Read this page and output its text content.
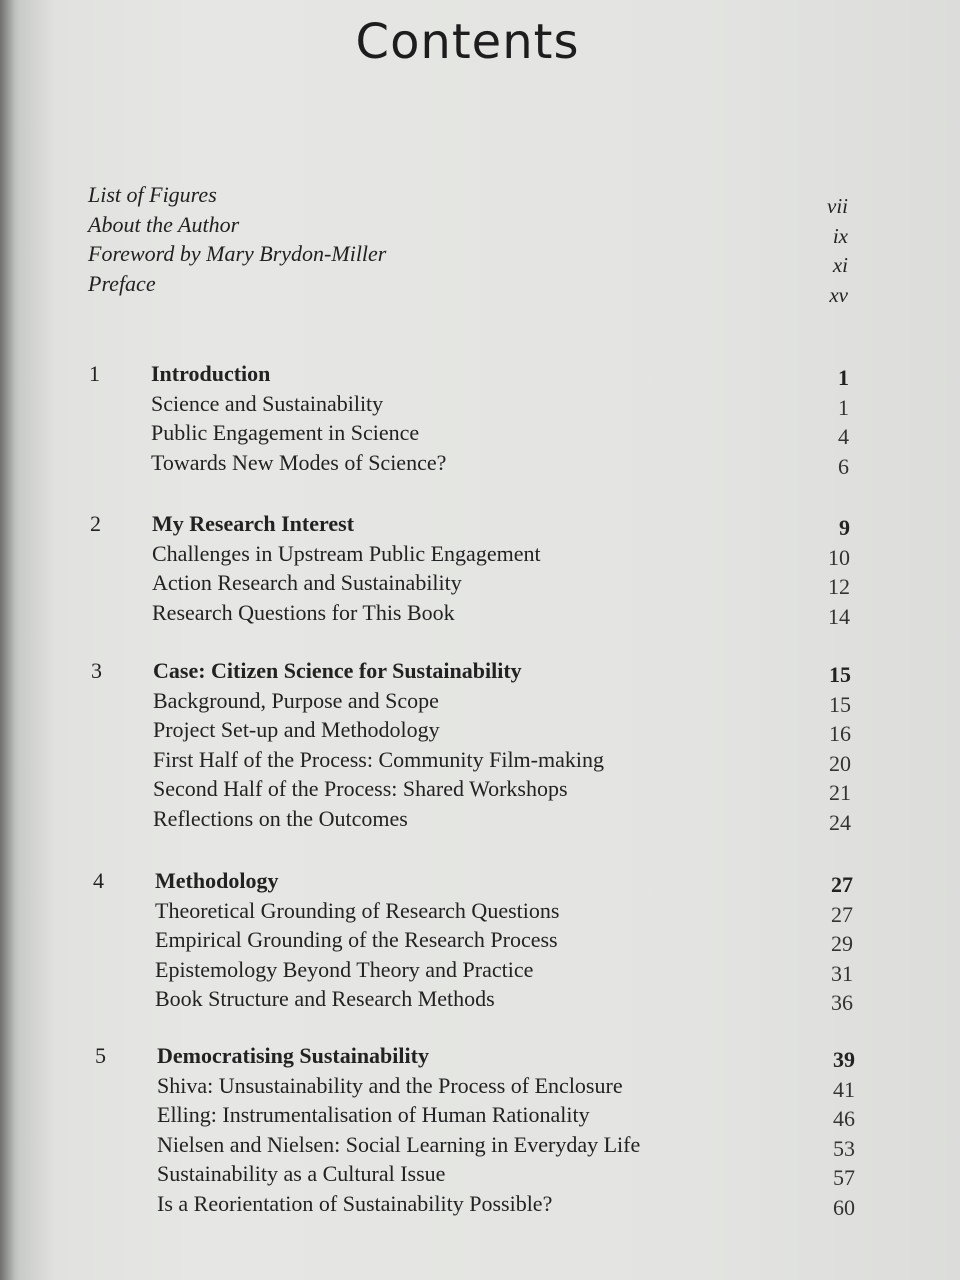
Contents
List of Figures	vii
About the Author	ix
Foreword by Mary Brydon-Miller	xi
Preface	xv
1 Introduction	1
Science and Sustainability	1
Public Engagement in Science	4
Towards New Modes of Science?	6
2 My Research Interest	9
Challenges in Upstream Public Engagement	10
Action Research and Sustainability	12
Research Questions for This Book	14
3 Case: Citizen Science for Sustainability	15
Background, Purpose and Scope	15
Project Set-up and Methodology	16
First Half of the Process: Community Film-making	20
Second Half of the Process: Shared Workshops	21
Reflections on the Outcomes	24
4 Methodology	27
Theoretical Grounding of Research Questions	27
Empirical Grounding of the Research Process	29
Epistemology Beyond Theory and Practice	31
Book Structure and Research Methods	36
5 Democratising Sustainability	39
Shiva: Unsustainability and the Process of Enclosure	41
Elling: Instrumentalisation of Human Rationality	46
Nielsen and Nielsen: Social Learning in Everyday Life	53
Sustainability as a Cultural Issue	57
Is a Reorientation of Sustainability Possible?	60
